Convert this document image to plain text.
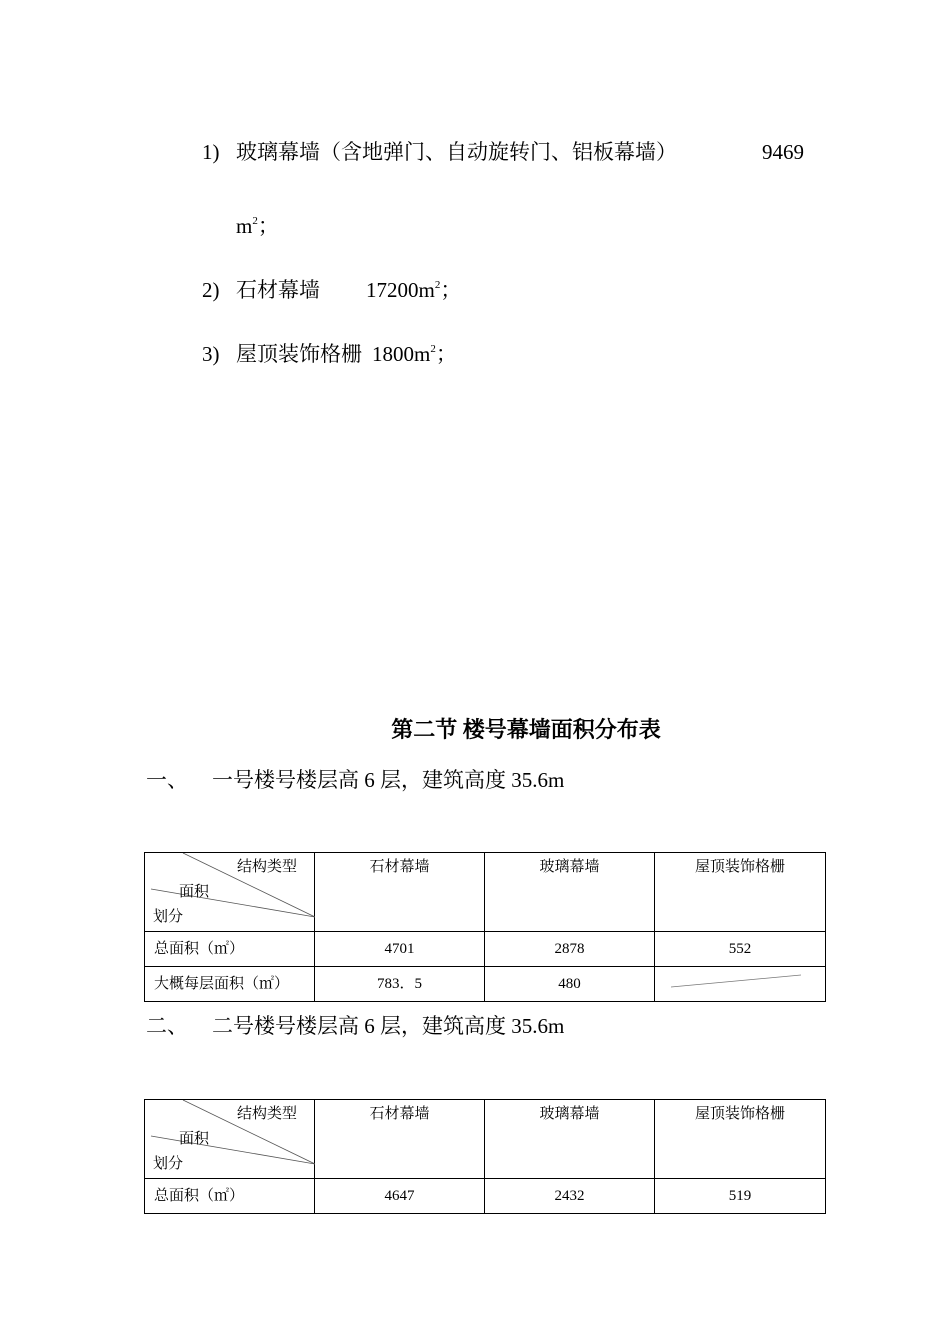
1) 玻璃幕墙（含地弹门、自动旋转门、铝板幕墙）	9469
$m^2$；
2) 石材幕墙 $17200m^2$；
3) 屋顶装饰格栅 $1800m^2$；
第二节 楼号幕墙面积分布表
一、 一号楼号楼层高 6 层，建筑高度 35.6m
结构类型
面积
划分	石材幕墙	玻璃幕墙	屋顶装饰格栅
总面积（㎡）	4701	2878	552
大概每层面积（㎡）	783．5	480	
二、 二号楼号楼层高 6 层，建筑高度 35.6m
结构类型
面积
划分	石材幕墙	玻璃幕墙	屋顶装饰格栅
总面积（㎡）	4647	2432	519
